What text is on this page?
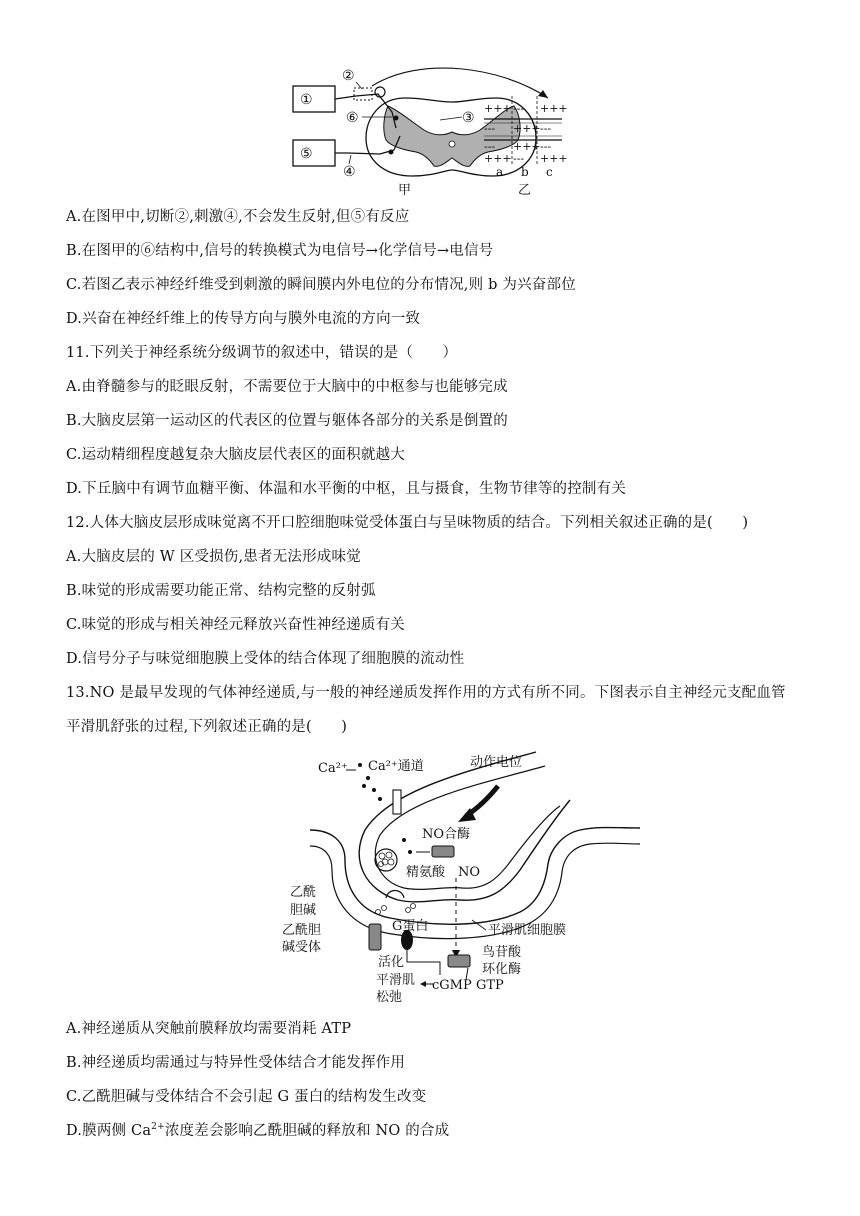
①
⑤
②
⑥
④
③
甲
+++ --- +++
--- +++ ---
--- +++ ---
+++ --- +++
a b c
乙
A.在图甲中,切断②,刺激④,不会发生反射,但⑤有反应
B.在图甲的⑥结构中,信号的转换模式为电信号→化学信号→电信号
C.若图乙表示神经纤维受到刺激的瞬间膜内外电位的分布情况,则 b 为兴奋部位
D.兴奋在神经纤维上的传导方向与膜外电流的方向一致
11.下列关于神经系统分级调节的叙述中，错误的是（　　）
A.由脊髓参与的眨眼反射，不需要位于大脑中的中枢参与也能够完成
B.大脑皮层第一运动区的代表区的位置与躯体各部分的关系是倒置的
C.运动精细程度越复杂大脑皮层代表区的面积就越大
D.下丘脑中有调节血糖平衡、体温和水平衡的中枢，且与摄食，生物节律等的控制有关
12.人体大脑皮层形成味觉离不开口腔细胞味觉受体蛋白与呈味物质的结合。下列相关叙述正确的是(　　)
A.大脑皮层的 W 区受损伤,患者无法形成味觉
B.味觉的形成需要功能正常、结构完整的反射弧
C.味觉的形成与相关神经元释放兴奋性神经递质有关
D.信号分子与味觉细胞膜上受体的结合体现了细胞膜的流动性
13.NO 是最早发现的气体神经递质,与一般的神经递质发挥作用的方式有所不同。下图表示自主神经元支配血管
平滑肌舒张的过程,下列叙述正确的是(　　)
Ca²⁺ Ca²⁺通道	动作电位
NO合酶
精氨酸 NO
乙酰
胆碱
乙酰胆
碱受体
G蛋白	平滑肌细胞膜
鸟苷酸
环化酶
活化
平滑肌
松弛
cGMP GTP
A.神经递质从突触前膜释放均需要消耗 ATP
B.神经递质均需通过与特异性受体结合才能发挥作用
C.乙酰胆碱与受体结合不会引起 G 蛋白的结构发生改变
D.膜两侧 $Ca^{2+}$浓度差会影响乙酰胆碱的释放和 NO 的合成
